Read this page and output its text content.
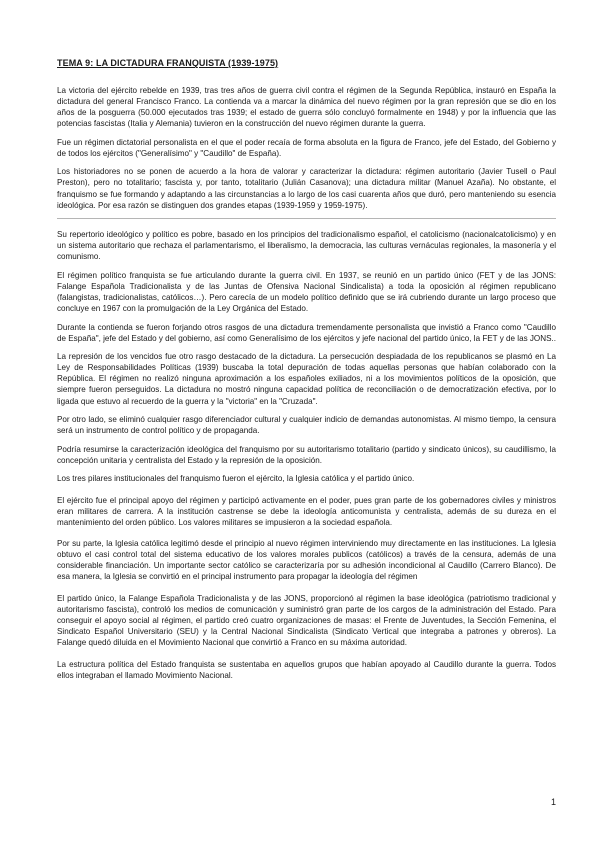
TEMA 9: LA DICTADURA FRANQUISTA (1939-1975)

La victoria del ejército rebelde en 1939, tras tres años de guerra civil contra el régimen de la Segunda República, instauró en España la dictadura del general Francisco Franco. La contienda va a marcar la dinámica del nuevo régimen por la gran represión que se dio en los años de la posguerra (50.000 ejecutados tras 1939; el estado de guerra sólo concluyó formalmente en 1948) y por la influencia que las potencias fascistas (Italia y Alemania) tuvieron en la construcción del nuevo régimen durante la guerra.

Fue un régimen dictatorial personalista en el que el poder recaía de forma absoluta en la figura de Franco, jefe del Estado, del Gobierno y de todos los ejércitos ("Generalísimo" y "Caudillo" de España).

Los historiadores no se ponen de acuerdo a la hora de valorar y caracterizar la dictadura: régimen autoritario (Javier Tusell o Paul Preston), pero no totalitario; fascista y, por tanto, totalitario (Julián Casanova); una dictadura militar (Manuel Azaña). No obstante, el franquismo se fue formando y adaptando a las circunstancias a lo largo de los casi cuarenta años que duró, pero manteniendo su esencia ideológica. Por esa razón se distinguen dos grandes etapas (1939-1959 y 1959-1975).

Su repertorio ideológico y político es pobre, basado en los principios del tradicionalismo español, el catolicismo (nacionalcatolicismo) y en un sistema autoritario que rechaza el parlamentarismo, el liberalismo, la democracia, las culturas vernáculas regionales, la masonería y el comunismo.

El régimen político franquista se fue articulando durante la guerra civil. En 1937, se reunió en un partido único (FET y de las JONS: Falange Española Tradicionalista y de las Juntas de Ofensiva Nacional Sindicalista) a toda la oposición al régimen republicano (falangistas, tradicionalistas, católicos…). Pero carecía de un modelo político definido que se irá cubriendo durante un largo proceso que concluye en 1967 con la promulgación de la Ley Orgánica del Estado.

Durante la contienda se fueron forjando otros rasgos de una dictadura tremendamente personalista que invistió a Franco como "Caudillo de España", jefe del Estado y del gobierno, así como Generalísimo de los ejércitos y jefe nacional del partido único, la FET y de las JONS..

La represión de los vencidos fue otro rasgo destacado de la dictadura. La persecución despiadada de los republicanos se plasmó en La Ley de Responsabilidades Políticas (1939) buscaba la total depuración de todas aquellas personas que habían colaborado con la República. El régimen no realizó ninguna aproximación a los españoles exiliados, ni a los movimientos políticos de la oposición, que siempre fueron perseguidos. La dictadura no mostró ninguna capacidad política de reconciliación o de democratización efectiva, por lo ligada que estuvo al recuerdo de la guerra y la "victoria" en la "Cruzada".

Por otro lado, se eliminó cualquier rasgo diferenciador cultural y cualquier indicio de demandas autonomistas. Al mismo tiempo, la censura será un instrumento de control político y de propaganda.

Podría resumirse la caracterización ideológica del franquismo por su autoritarismo totalitario (partido y sindicato únicos), su caudillismo, la concepción unitaria y centralista del Estado y la represión de la oposición.

Los tres pilares institucionales del franquismo fueron el ejército, la Iglesia católica y el partido único.

El ejército fue el principal apoyo del régimen y participó activamente en el poder, pues gran parte de los gobernadores civiles y ministros eran militares de carrera. A la institución castrense se debe la ideología anticomunista y centralista, además de su dureza en el mantenimiento del orden público. Los valores militares se impusieron a la sociedad española.

Por su parte, la Iglesia católica legitimó desde el principio al nuevo régimen interviniendo muy directamente en las instituciones. La Iglesia obtuvo el casi control total del sistema educativo de los valores morales publicos (católicos) a través de la censura, además de una considerable financiación. Un importante sector católico se caracterizaría por su adhesión incondicional al Caudillo (Carrero Blanco). De esa manera, la Iglesia se convirtió en el principal instrumento para propagar la ideología del régimen

El partido único, la Falange Española Tradicionalista y de las JONS, proporcionó al régimen la base ideológica (patriotismo tradicional y autoritarismo fascista), controló los medios de comunicación y suministró gran parte de los cargos de la administración del Estado. Para conseguir el apoyo social al régimen, el partido creó cuatro organizaciones de masas: el Frente de Juventudes, la Sección Femenina, el Sindicato Español Universitario (SEU) y la Central Nacional Sindicalista (Sindicato Vertical que integraba a patrones y obreros). La Falange quedó diluida en el Movimiento Nacional que convirtió a Franco en su máxima autoridad.

La estructura política del Estado franquista se sustentaba en aquellos grupos que habían apoyado al Caudillo durante la guerra. Todos ellos integraban el llamado Movimiento Nacional.

1
